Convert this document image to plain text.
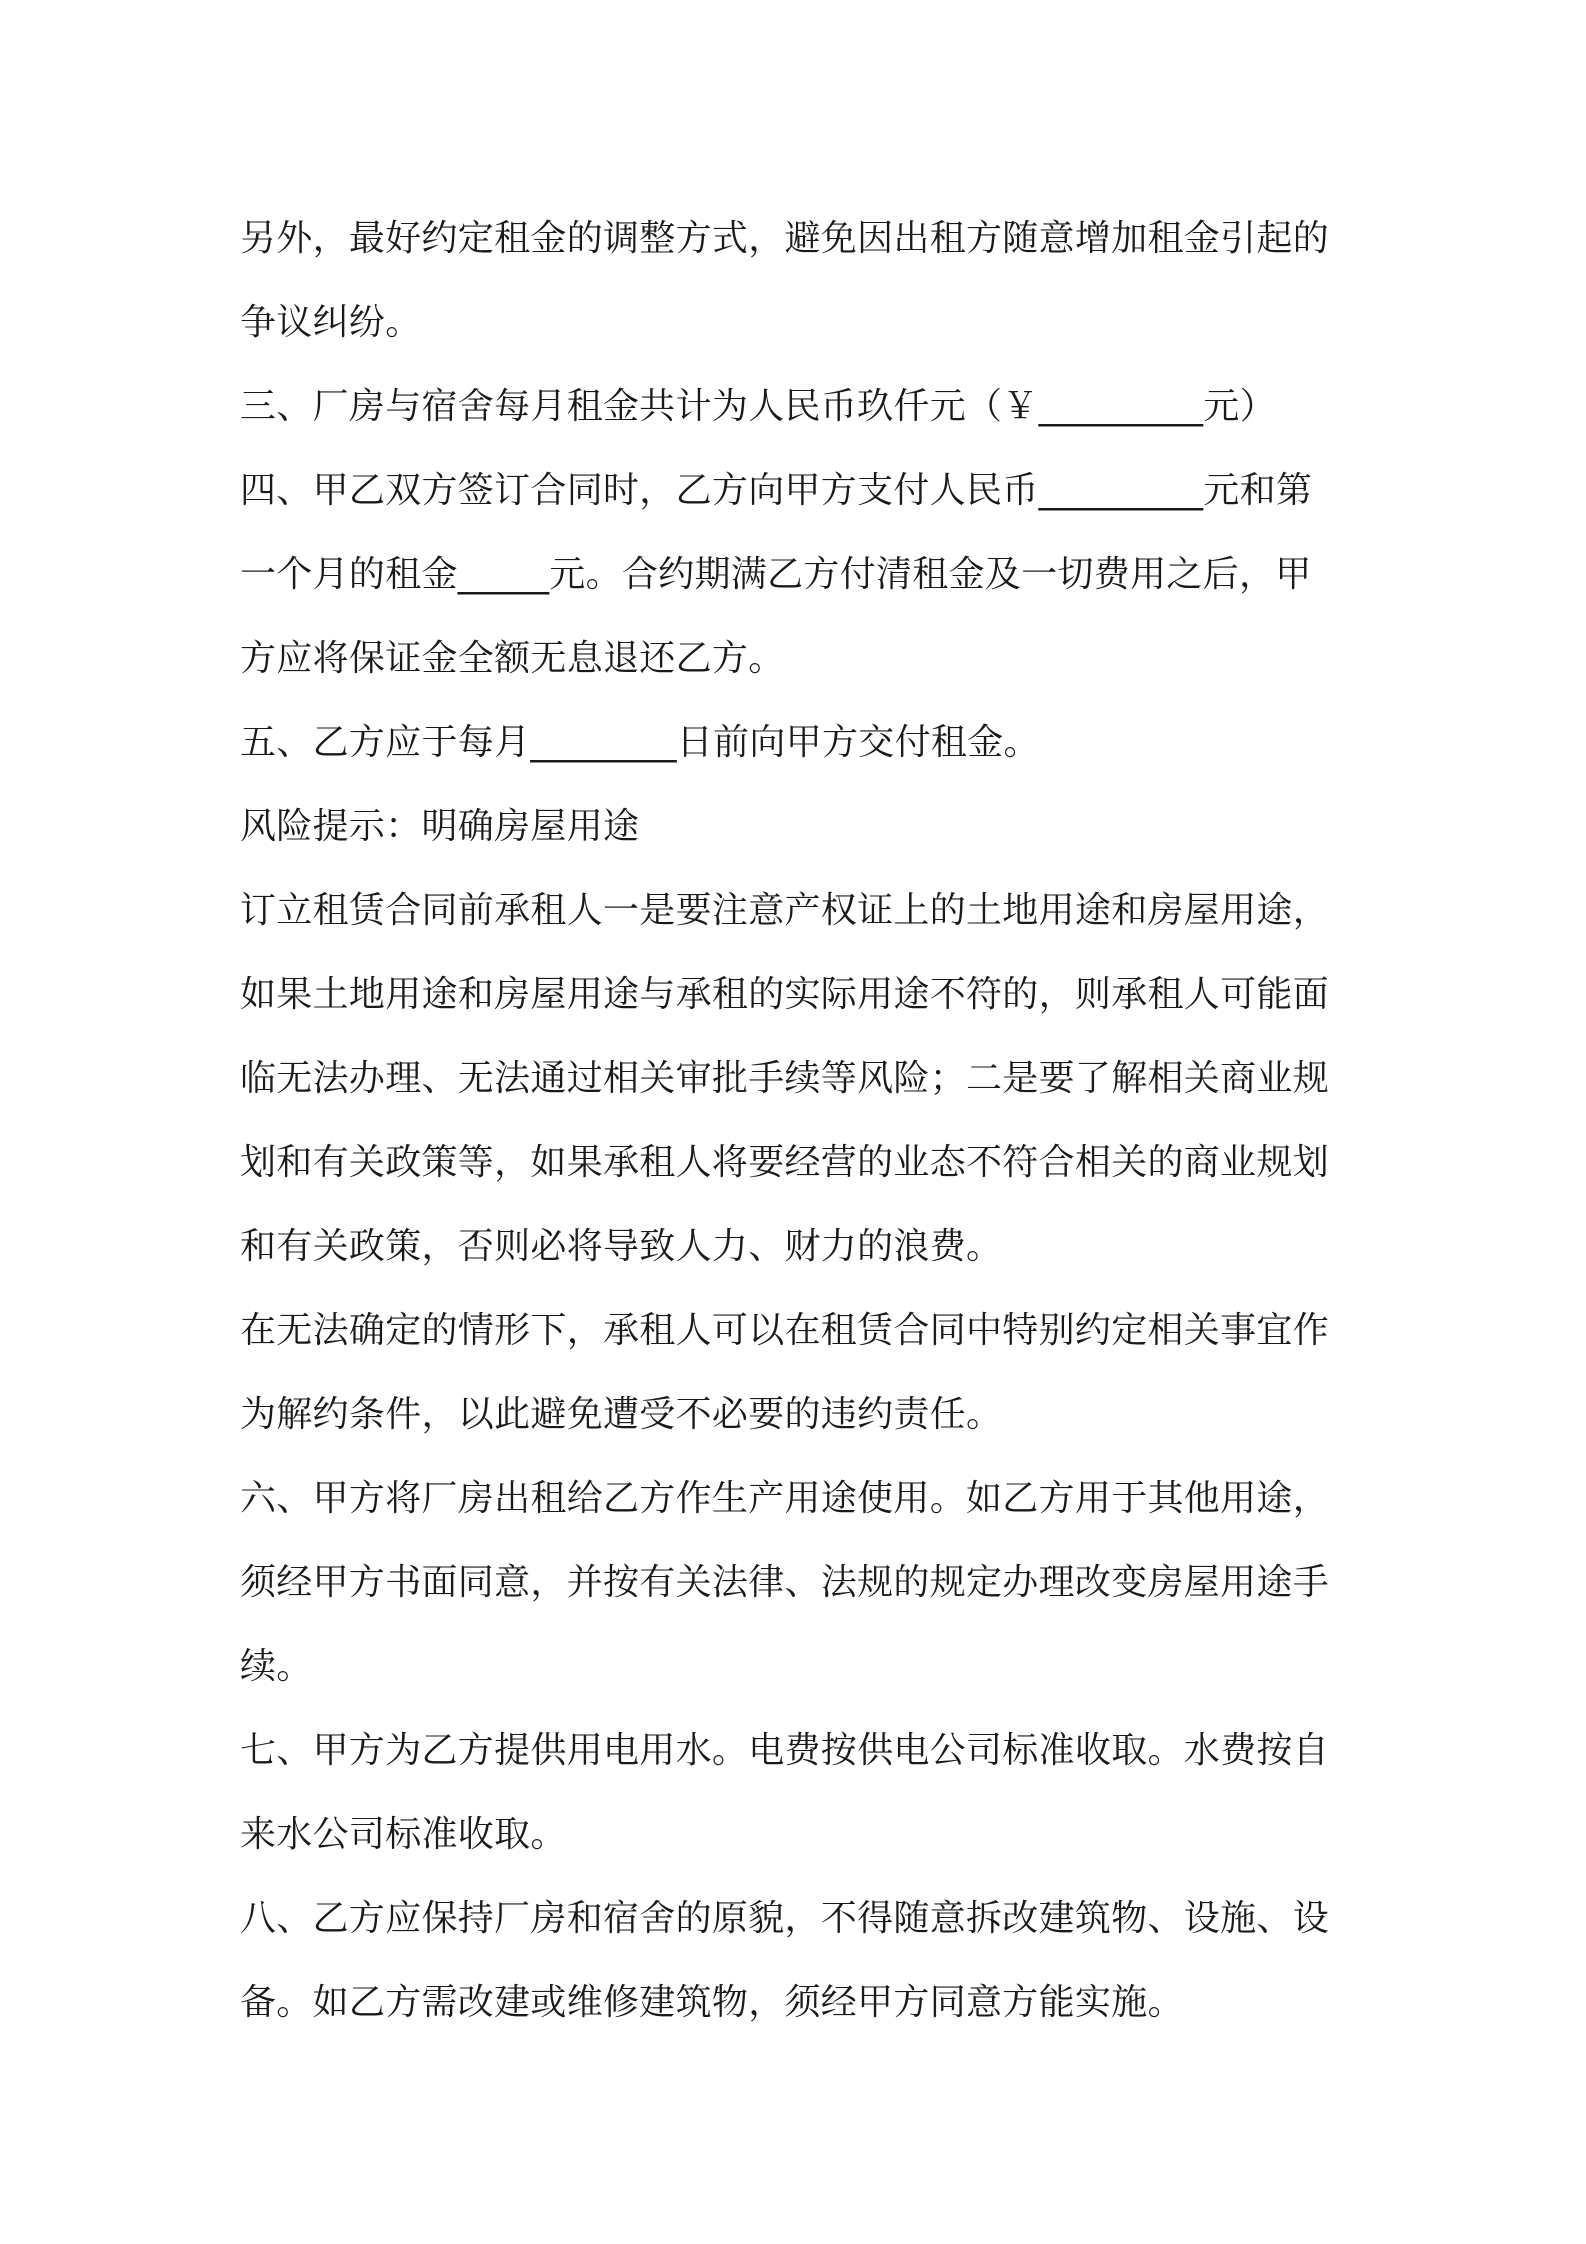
另外，最好约定租金的调整方式，避免因出租方随意增加租金引起的
争议纠纷。
三、厂房与宿舍每月租金共计为人民币玖仟元（￥_________元）
四、甲乙双方签订合同时，乙方向甲方支付人民币_________元和第
一个月的租金_____元。合约期满乙方付清租金及一切费用之后，甲
方应将保证金全额无息退还乙方。
五、乙方应于每月________日前向甲方交付租金。
风险提示：明确房屋用途
订立租赁合同前承租人一是要注意产权证上的土地用途和房屋用途，
如果土地用途和房屋用途与承租的实际用途不符的，则承租人可能面
临无法办理、无法通过相关审批手续等风险；二是要了解相关商业规
划和有关政策等，如果承租人将要经营的业态不符合相关的商业规划
和有关政策，否则必将导致人力、财力的浪费。
在无法确定的情形下，承租人可以在租赁合同中特别约定相关事宜作
为解约条件，以此避免遭受不必要的违约责任。
六、甲方将厂房出租给乙方作生产用途使用。如乙方用于其他用途，
须经甲方书面同意，并按有关法律、法规的规定办理改变房屋用途手
续。
七、甲方为乙方提供用电用水。电费按供电公司标准收取。水费按自
来水公司标准收取。
八、乙方应保持厂房和宿舍的原貌，不得随意拆改建筑物、设施、设
备。如乙方需改建或维修建筑物，须经甲方同意方能实施。
